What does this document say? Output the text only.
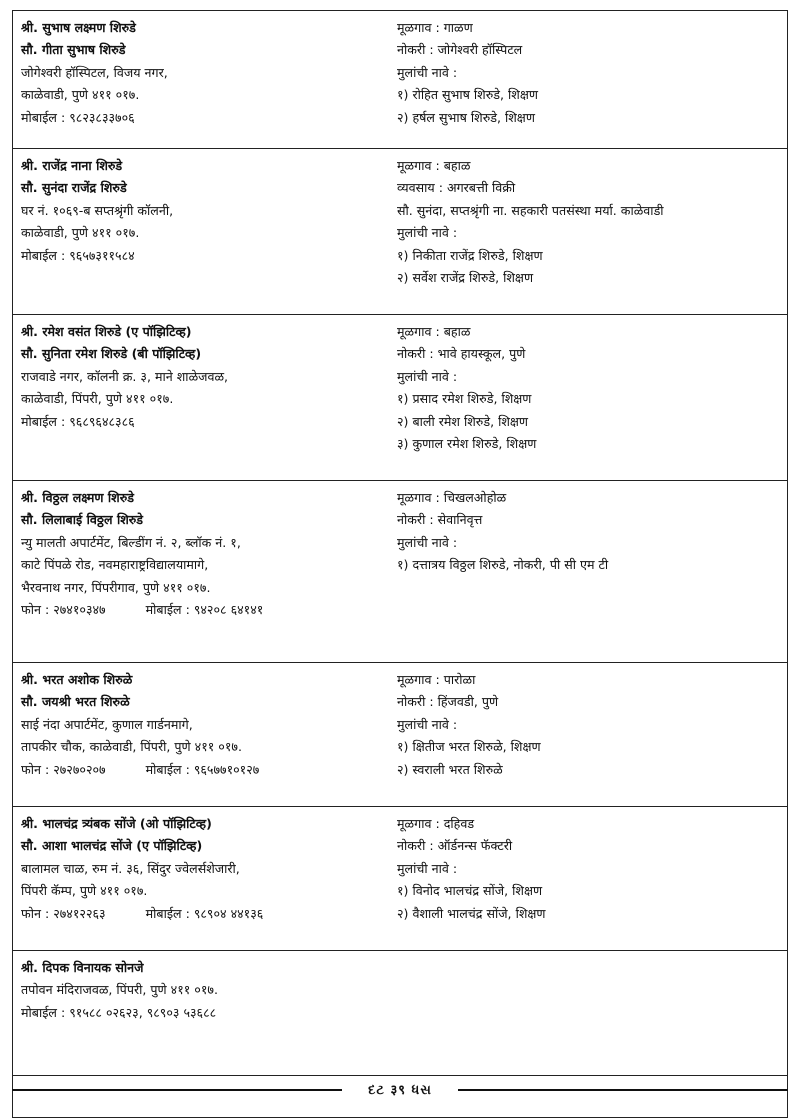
श्री. सुभाष लक्ष्मण शिरुडे
सौ. गीता सुभाष शिरुडे
जोगेश्वरी हॉस्पिटल, विजय नगर,
काळेवाडी, पुणे ४११ ०१७.
मोबाईल : ९८२३८३३७०६
मूळगाव : गाळण
नोकरी : जोगेश्वरी हॉस्पिटल
मुलांची नावे :
१) रोहित सुभाष शिरुडे, शिक्षण
२) हर्षल सुभाष शिरुडे, शिक्षण
श्री. राजेंद्र नाना शिरुडे
सौ. सुनंदा राजेंद्र शिरुडे
घर नं. १०६९-ब सप्तश्रृंगी कॉलनी,
काळेवाडी, पुणे ४११ ०१७.
मोबाईल : ९६५७३११५८४
मूळगाव : बहाळ
व्यवसाय : अगरबत्ती विक्री
सौ. सुनंदा, सप्तश्रृंगी ना. सहकारी पतसंस्था मर्या. काळेवाडी
मुलांची नावे :
१) निकीता राजेंद्र शिरुडे, शिक्षण
२) सर्वेश राजेंद्र शिरुडे, शिक्षण
श्री. रमेश वसंत शिरुडे (ए पॉझिटिव्ह)
सौ. सुनिता रमेश शिरुडे (बी पॉझिटिव्ह)
राजवाडे नगर, कॉलनी क्र. ३, माने शाळेजवळ,
काळेवाडी, पिंपरी, पुणे ४११ ०१७.
मोबाईल : ९६८९६४८३८६
मूळगाव : बहाळ
नोकरी : भावे हायस्कूल, पुणे
मुलांची नावे :
१) प्रसाद रमेश शिरुडे, शिक्षण
२) बाली रमेश शिरुडे, शिक्षण
३) कुणाल रमेश शिरुडे, शिक्षण
श्री. विठ्ठल लक्ष्मण शिरुडे
सौ. लिलाबाई विठ्ठल शिरुडे
न्यु मालती अपार्टमेंट, बिल्डींग नं. २, ब्लॉक नं. १,
काटे पिंपळे रोड, नवमहाराष्ट्रविद्यालयामागे,
भैरवनाथ नगर, पिंपरीगाव, पुणे ४११ ०१७.
फोन : २७४१०३४७	मोबाईल : ९४२०८ ६४१४१
मूळगाव : चिखलओहोळ
नोकरी : सेवानिवृत्त
मुलांची नावे :
१) दत्तात्रय विठ्ठल शिरुडे, नोकरी, पी सी एम टी
श्री. भरत अशोक शिरुळे
सौ. जयश्री भरत शिरुळे
साई नंदा अपार्टमेंट, कुणाल गार्डनमागे,
तापकीर चौक, काळेवाडी, पिंपरी, पुणे ४११ ०१७.
फोन : २७२७०२०७	मोबाईल : ९६५७७१०१२७
मूळगाव : पारोळा
नोकरी : हिंजवडी, पुणे
मुलांची नावे :
१) क्षितीज भरत शिरुळे, शिक्षण
२) स्वराली भरत शिरुळे
श्री. भालचंद्र त्र्यंबक सोंजे (ओ पॉझिटिव्ह)
सौ. आशा भालचंद्र सोंजे (ए पॉझिटिव्ह)
बालामल चाळ, रुम नं. ३६, सिंदुर ज्वेलर्सशेजारी,
पिंपरी कॅम्प, पुणे ४११ ०१७.
फोन : २७४१२२६३	मोबाईल : ९८९०४ ४४१३६
मूळगाव : दहिवड
नोकरी : ऑर्डनन्स फॅक्टरी
मुलांची नावे :
१) विनोद भालचंद्र सोंजे, शिक्षण
२) वैशाली भालचंद्र सोंजे, शिक्षण
श्री. दिपक विनायक सोनजे
तपोवन मंदिराजवळ, पिंपरी, पुणे ४११ ०१७.
मोबाईल : ९१५८८ ०२६२३, ९८९०३ ५३६८८
દટ ३९ ધસ
